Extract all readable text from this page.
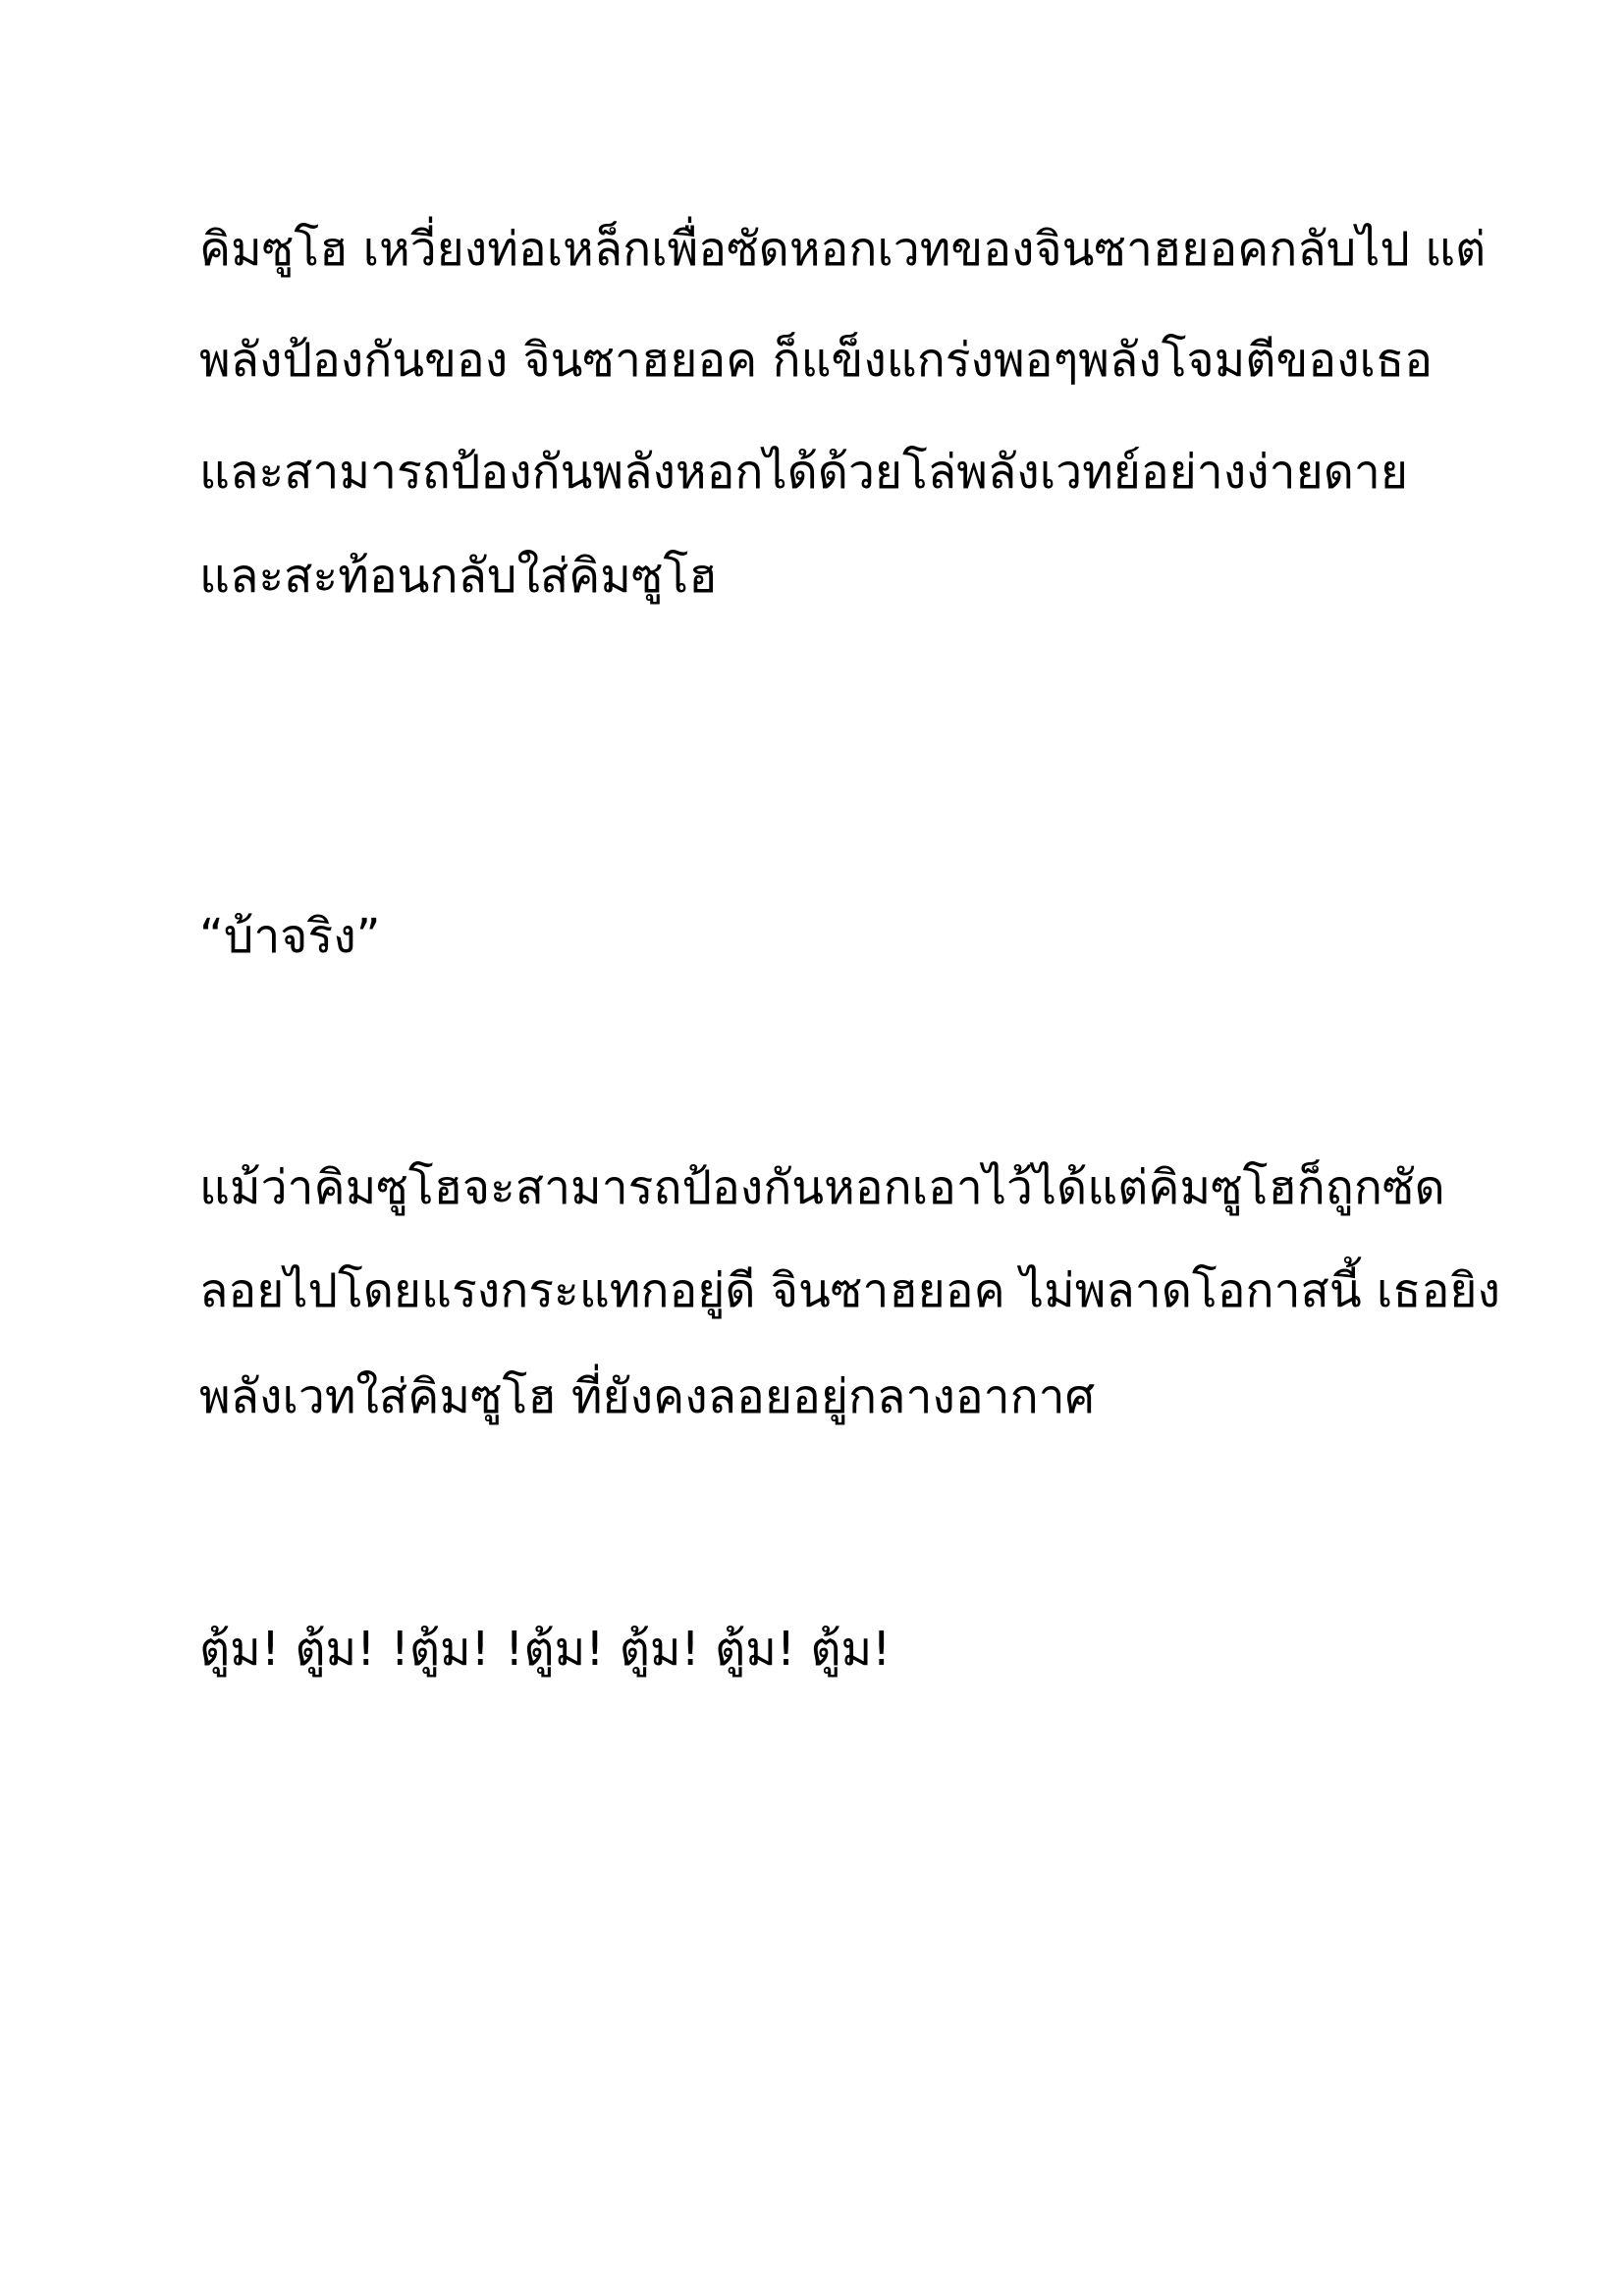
คิมซูโฮ เหวี่ยงท่อเหล็กเพื่อซัดหอกเวทของจินซาฮยอคกลับไป แต่

พลังป้องกันของ จินซาฮยอค ก็แข็งแกร่งพอๆพลังโจมตีของเธอ

และสามารถป้องกันพลังหอกได้ด้วยโล่พลังเวทย์อย่างง่ายดาย

และสะท้อนกลับใส่คิมซูโฮ

“บ้าจริง”

แม้ว่าคิมซูโฮจะสามารถป้องกันหอกเอาไว้ได้แต่คิมซูโฮก็ถูกซัด

ลอยไปโดยแรงกระแทกอยู่ดี จินซาฮยอค ไม่พลาดโอกาสนี้ เธอยิง

พลังเวทใส่คิมซูโฮ ที่ยังคงลอยอยู่กลางอากาศ

ตู้ม! ตู้ม! !ตู้ม! !ตู้ม! ตู้ม! ตู้ม! ตู้ม!
